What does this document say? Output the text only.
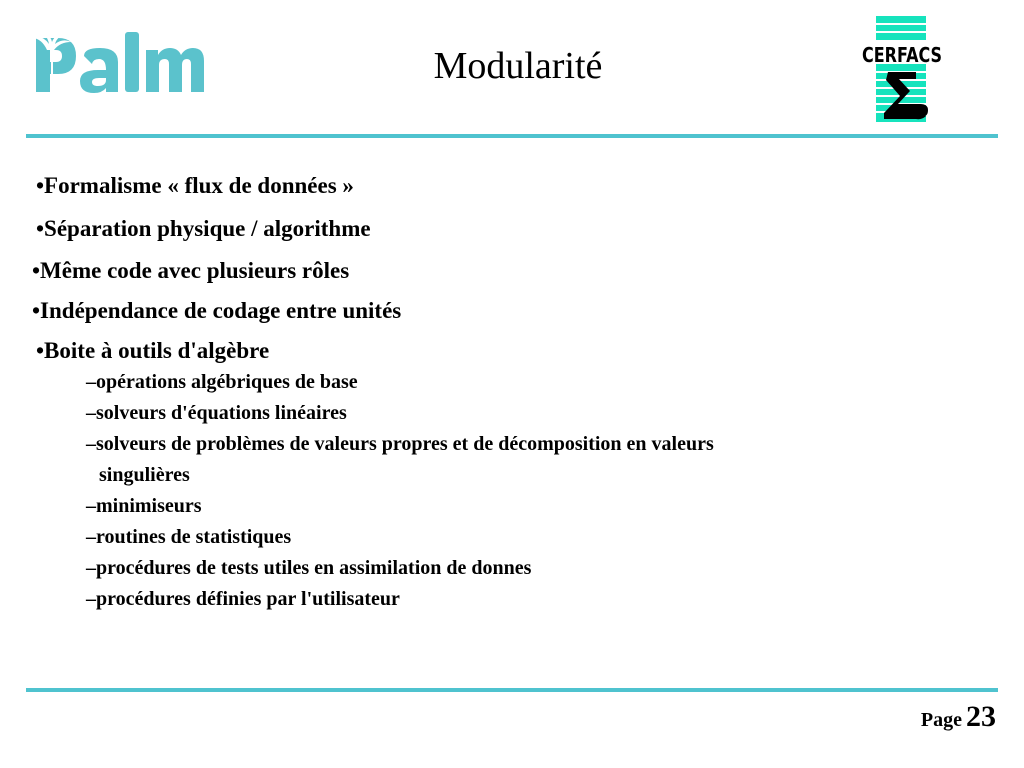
Modularité	CERFACS
•Formalisme « flux de données »
•Séparation physique / algorithme
•Même code avec plusieurs rôles
•Indépendance de codage entre unités
•Boite à outils d'algèbre
–opérations algébriques de base
–solveurs d'équations linéaires
–solveurs de problèmes de valeurs propres et de décomposition en valeurs
singulières
–minimiseurs
–routines de statistiques
–procédures de tests utiles en assimilation de donnes
–procédures définies par l'utilisateur
Page 23
